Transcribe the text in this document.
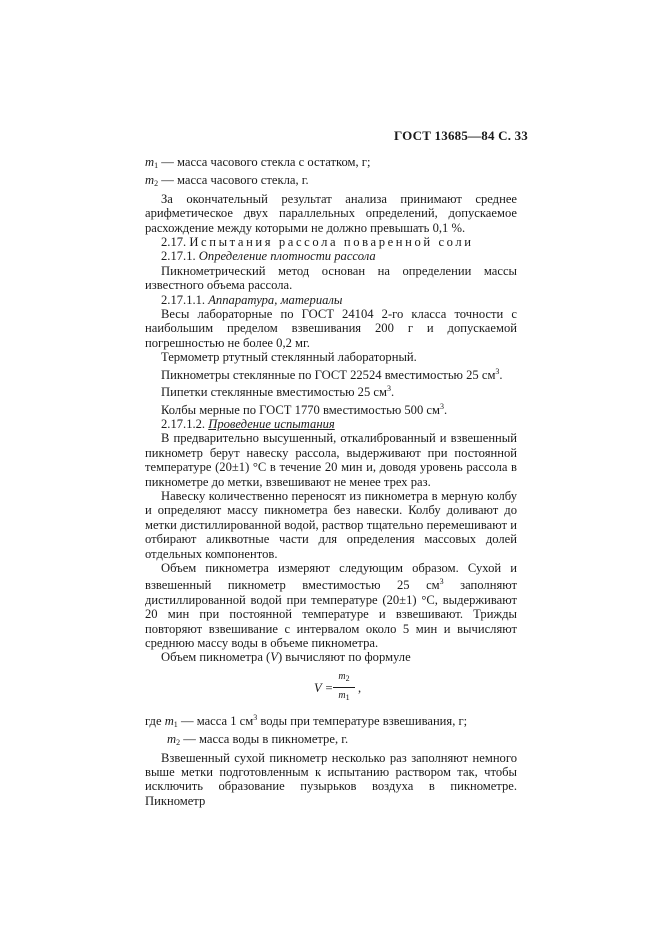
ГОСТ 13685—84 С. 33

$m_1$ — масса часового стекла с остатком, г;

$m_2$ — масса часового стекла, г.

За окончательный результат анализа принимают среднее арифметическое двух параллельных определений, допускаемое расхождение между которыми не должно превышать 0,1 %.

2.17. Испытания рассола поваренной соли

2.17.1. Определение плотности рассола

Пикнометрический метод основан на определении массы известного объема рассола.

2.17.1.1. Аппаратура, материалы

Весы лабораторные по ГОСТ 24104 2-го класса точности с наибольшим пределом взвешивания 200 г и допускаемой погрешностью не более 0,2 мг.

Термометр ртутный стеклянный лабораторный.

Пикнометры стеклянные по ГОСТ 22524 вместимостью 25 $см^3$.

Пипетки стеклянные вместимостью 25 $см^3$.

Колбы мерные по ГОСТ 1770 вместимостью 500 $см^3$.

2.17.1.2. Проведение испытания

В предварительно высушенный, откалиброванный и взвешенный пикнометр берут навеску рассола, выдерживают при постоянной температуре (20±1) °С в течение 20 мин и, доводя уровень рассола в пикнометре до метки, взвешивают не менее трех раз.

Навеску количественно переносят из пикнометра в мерную колбу и определяют массу пикнометра без навески. Колбу доливают до метки дистиллированной водой, раствор тщательно перемешивают и отбирают аликвотные части для определения массовых долей отдельных компонентов.

Объем пикнометра измеряют следующим образом. Сухой и взвешенный пикнометр вместимостью 25 $см^3$ заполняют дистиллированной водой при температуре (20±1) °С, выдерживают 20 мин при постоянной температуре и взвешивают. Трижды повторяют взвешивание с интервалом около 5 мин и вычисляют среднюю массу воды в объеме пикнометра.

Объем пикнометра (V) вычисляют по формуле

V =
$m_2$
$m_1$
,

где $m_1$ — масса 1 $см^3$ воды при температуре взвешивания, г;

$m_2$ — масса воды в пикнометре, г.

Взвешенный сухой пикнометр несколько раз заполняют немного выше метки подготовленным к испытанию раствором так, чтобы исключить образование пузырьков воздуха в пикнометре. Пикнометр
